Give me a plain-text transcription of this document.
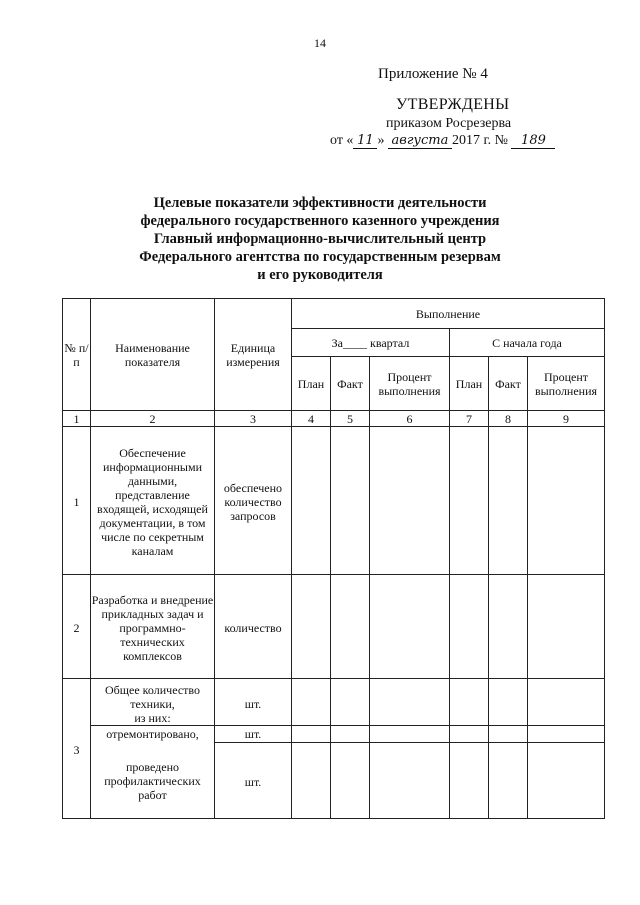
14
Приложение № 4
УТВЕРЖДЕНЫ
приказом Росрезерва
от « 11 » августа 2017 г. № 189
Целевые показатели эффективности деятельности
федерального государственного казенного учреждения
Главный информационно-вычислительный центр
Федерального агентства по государственным резервам
и его руководителя
№ п/п	Наименование показателя	Единица измерения	Выполнение					
			За____ квартал			С начала года		
			План	Факт	Процент выполнения	План	Факт	Процент выполнения
1	2	3	4	5	6	7	8	9

1	Обеспечение информационными данными, представление входящей, исходящей документации, в том числе по секретным каналам	обеспечено количество запросов						

2	Разработка и внедрение прикладных задач и программно-технических комплексов	количество						

3	Общее количество техники,
из них:	шт.						

	отремонтировано,	шт.						

	проведено профилактических работ	шт.						
